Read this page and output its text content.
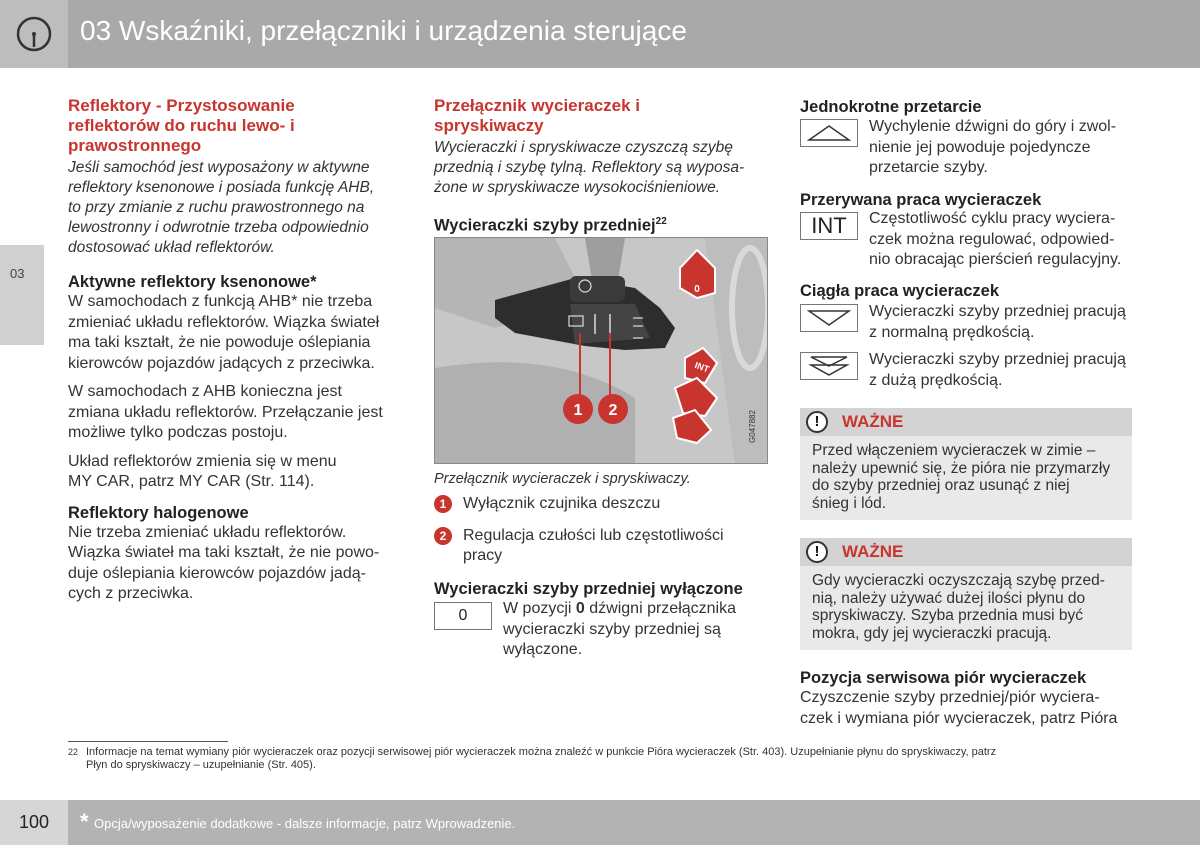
03 Wskaźniki, przełączniki i urządzenia sterujące
03
Reflektory - Przystosowanie
reflektorów do ruchu lewo- i
prawostronnego
Jeśli samochód jest wyposażony w aktywne
reflektory ksenonowe i posiada funkcję AHB,
to przy zmianie z ruchu prawostronnego na
lewostronny i odwrotnie trzeba odpowiednio
dostosować układ reflektorów.
Aktywne reflektory ksenonowe*
W samochodach z funkcją AHB* nie trzeba
zmieniać układu reflektorów. Wiązka świateł
ma taki kształt, że nie powoduje oślepiania
kierowców pojazdów jadących z przeciwka.
W samochodach z AHB konieczna jest
zmiana układu reflektorów. Przełączanie jest
możliwe tylko podczas postoju.
Układ reflektorów zmienia się w menu
MY CAR, patrz MY CAR (Str. 114).
Reflektory halogenowe
Nie trzeba zmieniać układu reflektorów.
Wiązka świateł ma taki kształt, że nie powo-
duje oślepiania kierowców pojazdów jadą-
cych z przeciwka.
Przełącznik wycieraczek i
spryskiwaczy
Wycieraczki i spryskiwacze czyszczą szybę
przednią i szybę tylną. Reflektory są wyposa-
żone w spryskiwacze wysokociśnieniowe.
Wycieraczki szyby przedniej$^{22}$
0
INT
1 2	G047882
Przełącznik wycieraczek i spryskiwaczy.
1	Wyłącznik czujnika deszczu
2	Regulacja czułości lub częstotliwości
pracy
Wycieraczki szyby przedniej wyłączone
0 W pozycji 0 dźwigni przełącznika
wycieraczki szyby przedniej są
wyłączone.
Jednokrotne przetarcie
Wychylenie dźwigni do góry i zwol-
nienie jej powoduje pojedyncze
przetarcie szyby.
Przerywana praca wycieraczek
INT Częstotliwość cyklu pracy wyciera-
czek można regulować, odpowied-
nio obracając pierścień regulacyjny.
Ciągła praca wycieraczek
Wycieraczki szyby przedniej pracują
z normalną prędkością.
Wycieraczki szyby przedniej pracują
z dużą prędkością.
!	WAŻNE
Przed włączeniem wycieraczek w zimie –
należy upewnić się, że pióra nie przymarzły
do szyby przedniej oraz usunąć z niej
śnieg i lód.
!	WAŻNE
Gdy wycieraczki oczyszczają szybę przed-
nią, należy używać dużej ilości płynu do
spryskiwaczy. Szyba przednia musi być
mokra, gdy jej wycieraczki pracują.
Pozycja serwisowa piór wycieraczek
Czyszczenie szyby przedniej/piór wyciera-
czek i wymiana piór wycieraczek, patrz Pióra
22 Informacje na temat wymiany piór wycieraczek oraz pozycji serwisowej piór wycieraczek można znaleźć w punkcie Pióra wycieraczek (Str. 403). Uzupełnianie płynu do spryskiwaczy, patrz
Płyn do spryskiwaczy – uzupełnianie (Str. 405).
100	* Opcja/wyposażenie dodatkowe - dalsze informacje, patrz Wprowadzenie.
